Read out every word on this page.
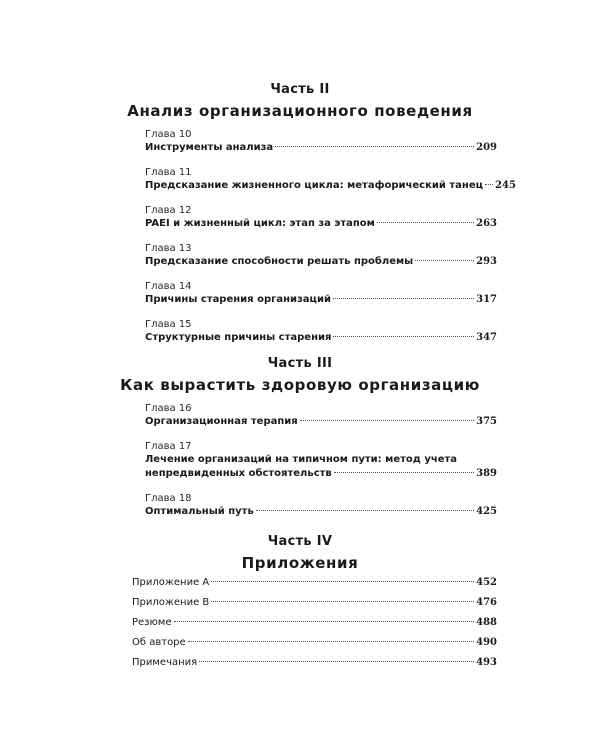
Часть II
Анализ организационного поведения
Глава 10
Инструменты анализа	209
Глава 11
Предсказание жизненного цикла: метафорический танец 245
Глава 12
PAEI и жизненный цикл: этап за этапом	263
Глава 13
Предсказание способности решать проблемы	293
Глава 14
Причины старения организаций	317
Глава 15
Структурные причины старения	347
Часть III
Как вырастить здоровую организацию
Глава 16
Организационная терапия	375
Глава 17
Лечение организаций на типичном пути: метод учета
непредвиденных обстоятельств	389
Глава 18
Оптимальный путь	425
Часть IV
Приложения
Приложение A	452
Приложение B	476
Резюме	488
Об авторе	490
Примечания	493
